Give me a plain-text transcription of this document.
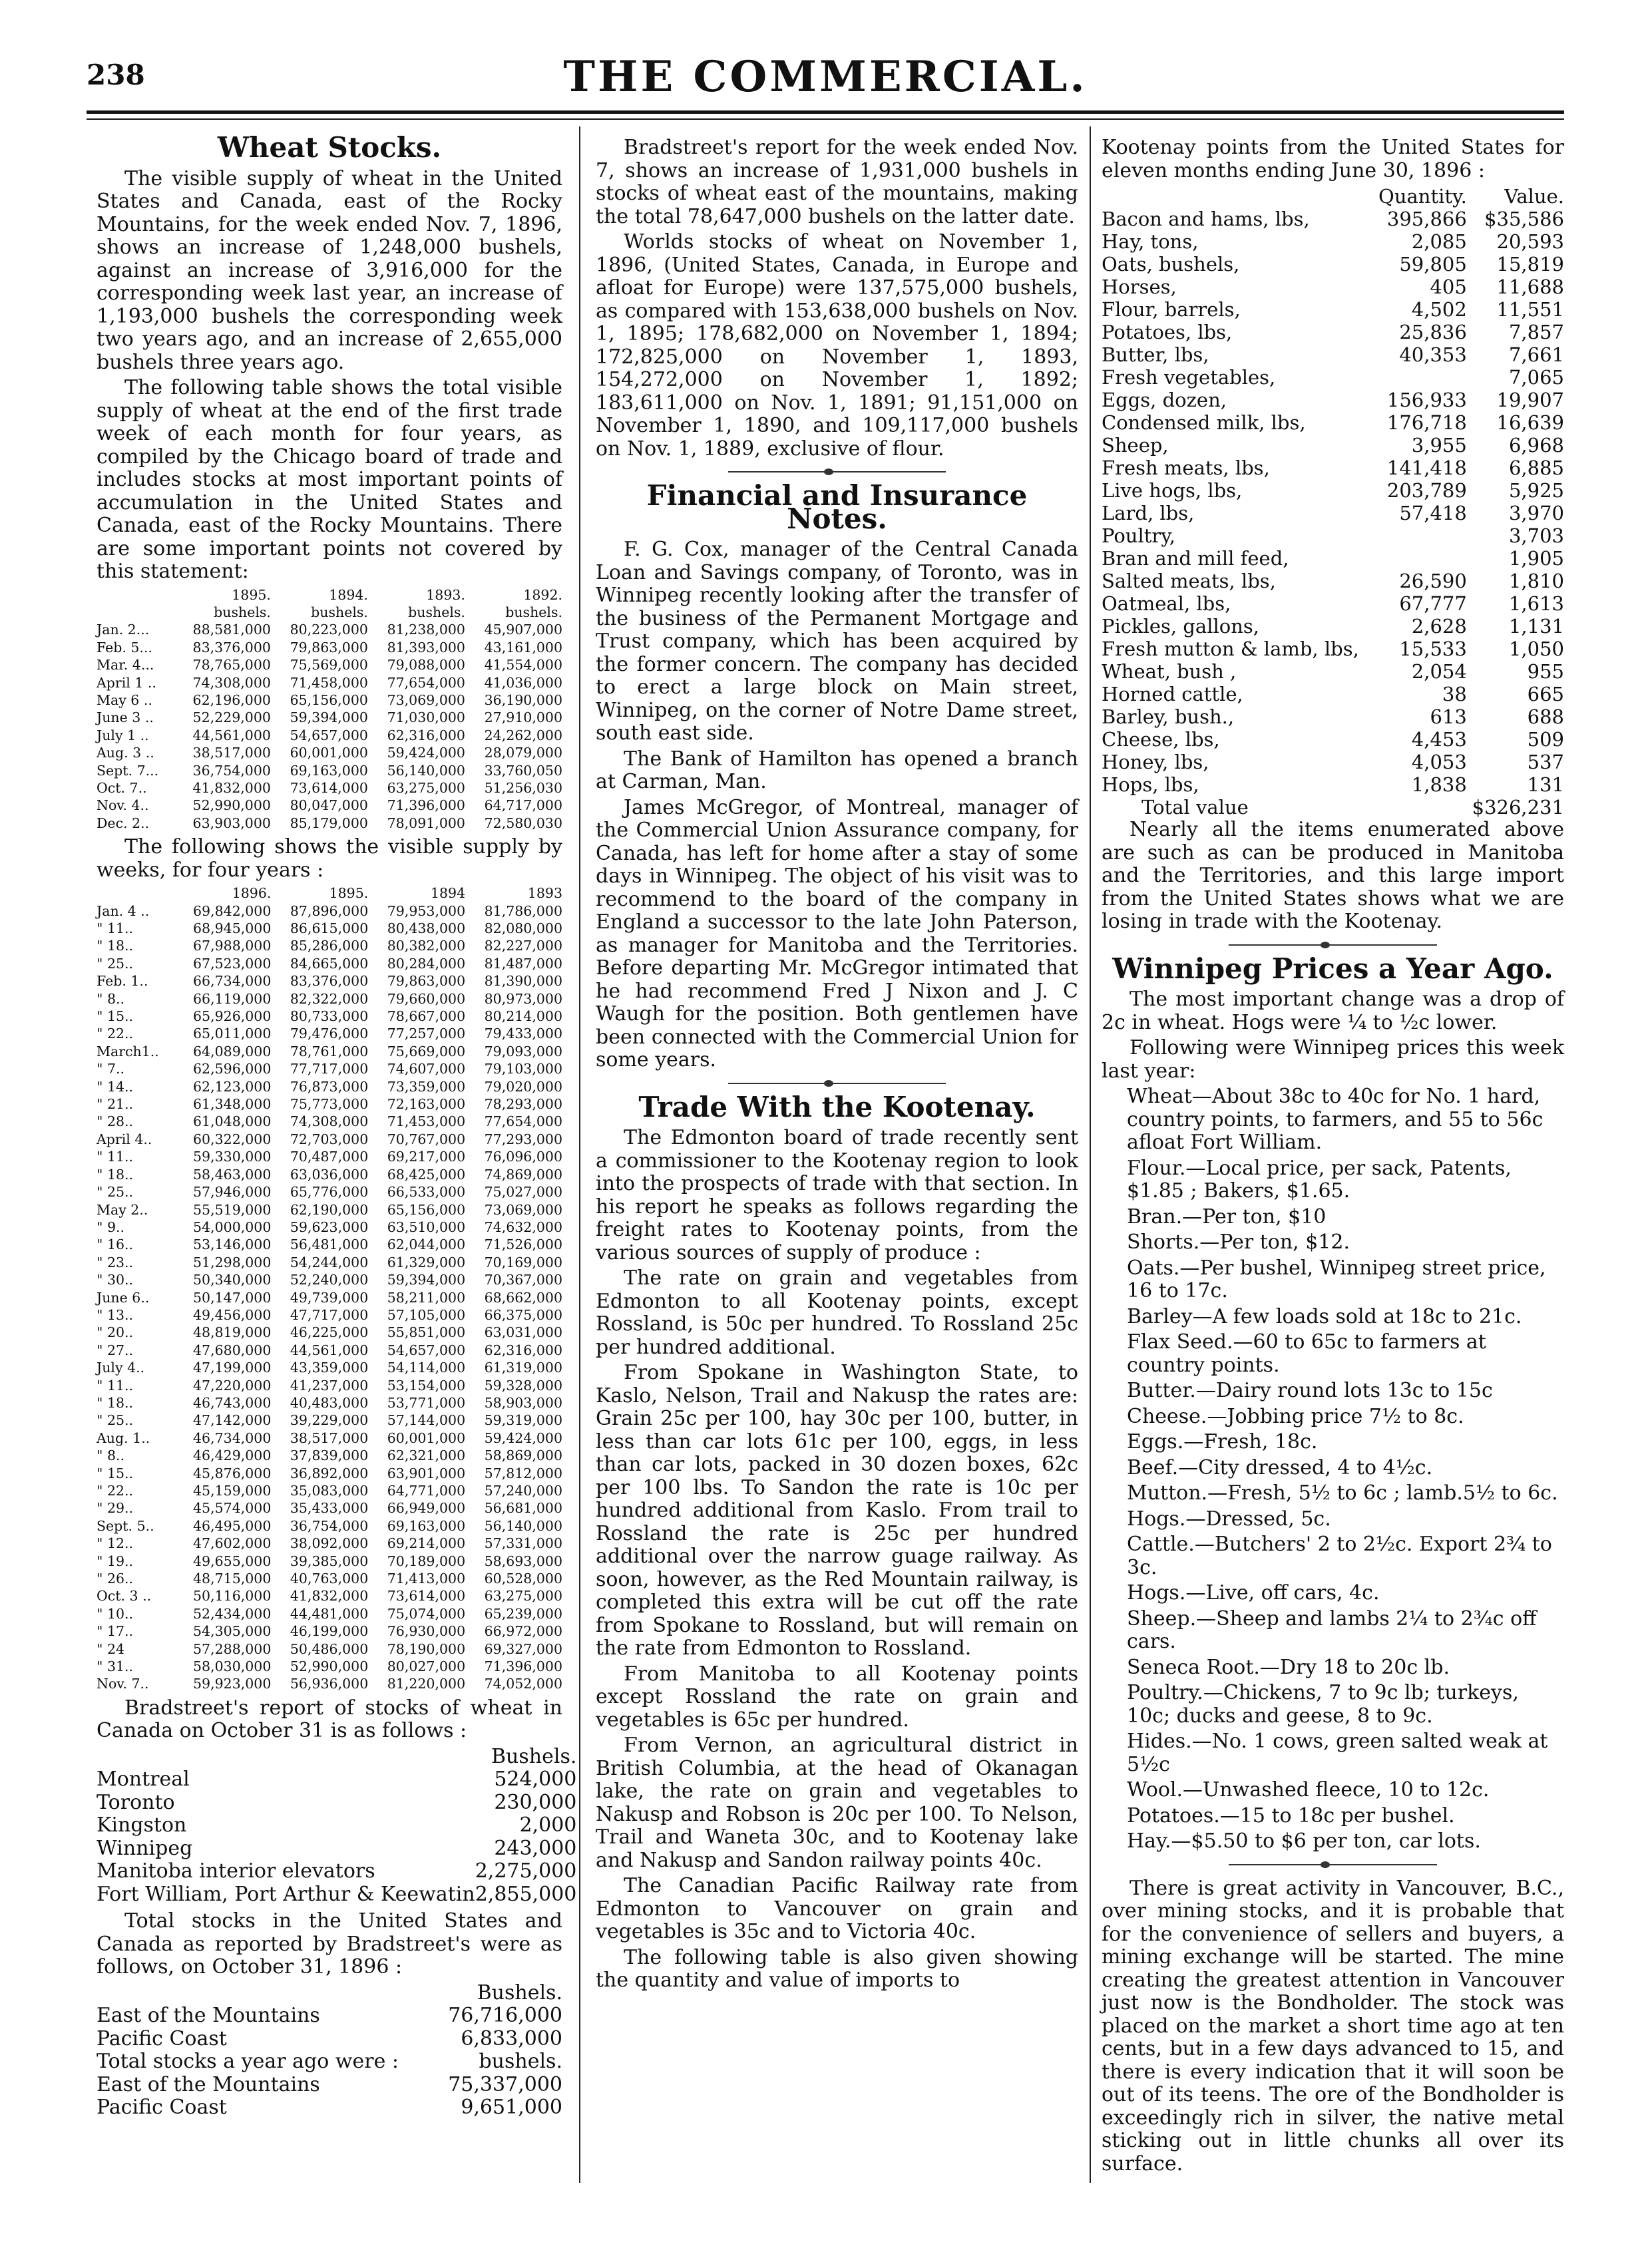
238	THE COMMERCIAL.
Wheat Stocks.

The visible supply of wheat in the United States and Canada, east of the Rocky Mountains, for the week ended Nov. 7, 1896, shows an increase of 1,248,000 bushels, against an increase of 3,916,000 for the corresponding week last year, an increase of 1,193,000 bushels the corresponding week two years ago, and an increase of 2,655,000 bushels three years ago.

The following table shows the total visible supply of wheat at the end of the first trade week of each month for four years, as compiled by the Chicago board of trade and includes stocks at most important points of accumulation in the United States and Canada, east of the Rocky Mountains. There are some important points not covered by this statement:

	1895.	1894.	1893.	1892.
	bushels.	bushels.	bushels.	bushels.
Jan. 2...	88,581,000	80,223,000	81,238,000	45,907,000
Feb. 5...	83,376,000	79,863,000	81,393,000	43,161,000
Mar. 4...	78,765,000	75,569,000	79,088,000	41,554,000
April 1 ..	74,308,000	71,458,000	77,654,000	41,036,000
May 6 ..	62,196,000	65,156,000	73,069,000	36,190,000
June 3 ..	52,229,000	59,394,000	71,030,000	27,910,000
July 1 ..	44,561,000	54,657,000	62,316,000	24,262,000
Aug. 3 ..	38,517,000	60,001,000	59,424,000	28,079,000
Sept. 7...	36,754,000	69,163,000	56,140,000	33,760,050
Oct. 7..	41,832,000	73,614,000	63,275,000	51,256,030
Nov. 4..	52,990,000	80,047,000	71,396,000	64,717,000
Dec. 2..	63,903,000	85,179,000	78,091,000	72,580,030

The following shows the visible supply by weeks, for four years :

	1896.	1895.	1894	1893
Jan. 4 ..	69,842,000	87,896,000	79,953,000	81,786,000
" 11..	68,945,000	86,615,000	80,438,000	82,080,000
" 18..	67,988,000	85,286,000	80,382,000	82,227,000
" 25..	67,523,000	84,665,000	80,284,000	81,487,000
Feb. 1..	66,734,000	83,376,000	79,863,000	81,390,000
" 8..	66,119,000	82,322,000	79,660,000	80,973,000
" 15..	65,926,000	80,733,000	78,667,000	80,214,000
" 22..	65,011,000	79,476,000	77,257,000	79,433,000
March1..	64,089,000	78,761,000	75,669,000	79,093,000
" 7..	62,596,000	77,717,000	74,607,000	79,103,000
" 14..	62,123,000	76,873,000	73,359,000	79,020,000
" 21..	61,348,000	75,773,000	72,163,000	78,293,000
" 28..	61,048,000	74,308,000	71,453,000	77,654,000
April 4..	60,322,000	72,703,000	70,767,000	77,293,000
" 11..	59,330,000	70,487,000	69,217,000	76,096,000
" 18..	58,463,000	63,036,000	68,425,000	74,869,000
" 25..	57,946,000	65,776,000	66,533,000	75,027,000
May 2..	55,519,000	62,190,000	65,156,000	73,069,000
" 9..	54,000,000	59,623,000	63,510,000	74,632,000
" 16..	53,146,000	56,481,000	62,044,000	71,526,000
" 23..	51,298,000	54,244,000	61,329,000	70,169,000
" 30..	50,340,000	52,240,000	59,394,000	70,367,000
June 6..	50,147,000	49,739,000	58,211,000	68,662,000
" 13..	49,456,000	47,717,000	57,105,000	66,375,000
" 20..	48,819,000	46,225,000	55,851,000	63,031,000
" 27..	47,680,000	44,561,000	54,657,000	62,316,000
July 4..	47,199,000	43,359,000	54,114,000	61,319,000
" 11..	47,220,000	41,237,000	53,154,000	59,328,000
" 18..	46,743,000	40,483,000	53,771,000	58,903,000
" 25..	47,142,000	39,229,000	57,144,000	59,319,000
Aug. 1..	46,734,000	38,517,000	60,001,000	59,424,000
" 8..	46,429,000	37,839,000	62,321,000	58,869,000
" 15..	45,876,000	36,892,000	63,901,000	57,812,000
" 22..	45,159,000	35,083,000	64,771,000	57,240,000
" 29..	45,574,000	35,433,000	66,949,000	56,681,000
Sept. 5..	46,495,000	36,754,000	69,163,000	56,140,000
" 12..	47,602,000	38,092,000	69,214,000	57,331,000
" 19..	49,655,000	39,385,000	70,189,000	58,693,000
" 26..	48,715,000	40,763,000	71,413,000	60,528,000
Oct. 3 ..	50,116,000	41,832,000	73,614,000	63,275,000
" 10..	52,434,000	44,481,000	75,074,000	65,239,000
" 17..	54,305,000	46,199,000	76,930,000	66,972,000
" 24	57,288,000	50,486,000	78,190,000	69,327,000
" 31..	58,030,000	52,990,000	80,027,000	71,396,000
Nov. 7..	59,923,000	56,936,000	81,220,000	74,052,000

Bradstreet's report of stocks of wheat in Canada on October 31 is as follows :

	Bushels.
Montreal	524,000
Toronto	230,000
Kingston	2,000
Winnipeg	243,000
Manitoba interior elevators	2,275,000
Fort William, Port Arthur & Keewatin	2,855,000

Total stocks in the United States and Canada as reported by Bradstreet's were as follows, on October 31, 1896 :

	Bushels.
East of the Mountains	76,716,000
Pacific Coast	6,833,000
Total stocks a year ago were :	bushels.
East of the Mountains	75,337,000
Pacific Coast	9,651,000

Bradstreet's report for the week ended Nov. 7, shows an increase of 1,931,000 bushels in stocks of wheat east of the mountains, making the total 78,647,000 bushels on the latter date.

Worlds stocks of wheat on November 1, 1896, (United States, Canada, in Europe and afloat for Europe) were 137,575,000 bushels, as compared with 153,638,000 bushels on Nov. 1, 1895; 178,682,000 on November 1, 1894; 172,825,000 on November 1, 1893, 154,272,000 on November 1, 1892; 183,611,000 on Nov. 1, 1891; 91,151,000 on November 1, 1890, and 109,117,000 bushels on Nov. 1, 1889, exclusive of flour.

Financial and Insurance Notes.

F. G. Cox, manager of the Central Canada Loan and Savings company, of Toronto, was in Winnipeg recently looking after the transfer of the business of the Permanent Mortgage and Trust company, which has been acquired by the former concern. The company has decided to erect a large block on Main street, Winnipeg, on the corner of Notre Dame street, south east side.

The Bank of Hamilton has opened a branch at Carman, Man.

James McGregor, of Montreal, manager of the Commercial Union Assurance company, for Canada, has left for home after a stay of some days in Winnipeg. The object of his visit was to recommend to the board of the company in England a successor to the late John Paterson, as manager for Manitoba and the Territories. Before departing Mr. McGregor intimated that he had recommend Fred J Nixon and J. C Waugh for the position. Both gentlemen have been connected with the Commercial Union for some years.

Trade With the Kootenay.

The Edmonton board of trade recently sent a commissioner to the Kootenay region to look into the prospects of trade with that section. In his report he speaks as follows regarding the freight rates to Kootenay points, from the various sources of supply of produce :

The rate on grain and vegetables from Edmonton to all Kootenay points, except Rossland, is 50c per hundred. To Rossland 25c per hundred additional.

From Spokane in Washington State, to Kaslo, Nelson, Trail and Nakusp the rates are: Grain 25c per 100, hay 30c per 100, butter, in less than car lots 61c per 100, eggs, in less than car lots, packed in 30 dozen boxes, 62c per 100 lbs. To Sandon the rate is 10c per hundred additional from Kaslo. From trail to Rossland the rate is 25c per hundred additional over the narrow guage railway. As soon, however, as the Red Mountain railway, is completed this extra will be cut off the rate from Spokane to Rossland, but will remain on the rate from Edmonton to Rossland.

From Manitoba to all Kootenay points except Rossland the rate on grain and vegetables is 65c per hundred.

From Vernon, an agricultural district in British Columbia, at the head of Okanagan lake, the rate on grain and vegetables to Nakusp and Robson is 20c per 100. To Nelson, Trail and Waneta 30c, and to Kootenay lake and Nakusp and Sandon railway points 40c.

The Canadian Pacific Railway rate from Edmonton to Vancouver on grain and vegetables is 35c and to Victoria 40c.

The following table is also given showing the quantity and value of imports to

Kootenay points from the United States for eleven months ending June 30, 1896 :

	Quantity.	Value.
Bacon and hams, lbs,	395,866	$35,586
Hay, tons,	2,085	20,593
Oats, bushels,	59,805	15,819
Horses,	405	11,688
Flour, barrels,	4,502	11,551
Potatoes, lbs,	25,836	7,857
Butter, lbs,	40,353	7,661
Fresh vegetables,		7,065
Eggs, dozen,	156,933	19,907
Condensed milk, lbs,	176,718	16,639
Sheep,	3,955	6,968
Fresh meats, lbs,	141,418	6,885
Live hogs, lbs,	203,789	5,925
Lard, lbs,	57,418	3,970
Poultry,		3,703
Bran and mill feed,		1,905
Salted meats, lbs,	26,590	1,810
Oatmeal, lbs,	67,777	1,613
Pickles, gallons,	2,628	1,131
Fresh mutton & lamb, lbs,	15,533	1,050
Wheat, bush ,	2,054	955
Horned cattle,	38	665
Barley, bush.,	613	688
Cheese, lbs,	4,453	509
Honey, lbs,	4,053	537
Hops, lbs,	1,838	131
Total value		$326,231

Nearly all the items enumerated above are such as can be produced in Manitoba and the Territories, and this large import from the United States shows what we are losing in trade with the Kootenay.

Winnipeg Prices a Year Ago.

The most important change was a drop of 2c in wheat. Hogs were ¼ to ½c lower.

Following were Winnipeg prices this week last year:

Wheat—About 38c to 40c for No. 1 hard, country points, to farmers, and 55 to 56c afloat Fort William.

Flour.—Local price, per sack, Patents, $1.85 ; Bakers, $1.65.

Bran.—Per ton, $10

Shorts.—Per ton, $12.

Oats.—Per bushel, Winnipeg street price, 16 to 17c.

Barley—A few loads sold at 18c to 21c.

Flax Seed.—60 to 65c to farmers at country points.

Butter.—Dairy round lots 13c to 15c

Cheese.—Jobbing price 7½ to 8c.

Eggs.—Fresh, 18c.

Beef.—City dressed, 4 to 4½c.

Mutton.—Fresh, 5½ to 6c ; lamb.5½ to 6c.

Hogs.—Dressed, 5c.

Cattle.—Butchers' 2 to 2½c. Export 2¾ to 3c.

Hogs.—Live, off cars, 4c.

Sheep.—Sheep and lambs 2¼ to 2¾c off cars.

Seneca Root.—Dry 18 to 20c lb.

Poultry.—Chickens, 7 to 9c lb; turkeys, 10c; ducks and geese, 8 to 9c.

Hides.—No. 1 cows, green salted weak at 5½c

Wool.—Unwashed fleece, 10 to 12c.

Potatoes.—15 to 18c per bushel.

Hay.—$5.50 to $6 per ton, car lots.

There is great activity in Vancouver, B.C., over mining stocks, and it is probable that for the convenience of sellers and buyers, a mining exchange will be started. The mine creating the greatest attention in Vancouver just now is the Bondholder. The stock was placed on the market a short time ago at ten cents, but in a few days advanced to 15, and there is every indication that it will soon be out of its teens. The ore of the Bondholder is exceedingly rich in silver, the native metal sticking out in little chunks all over its surface.
